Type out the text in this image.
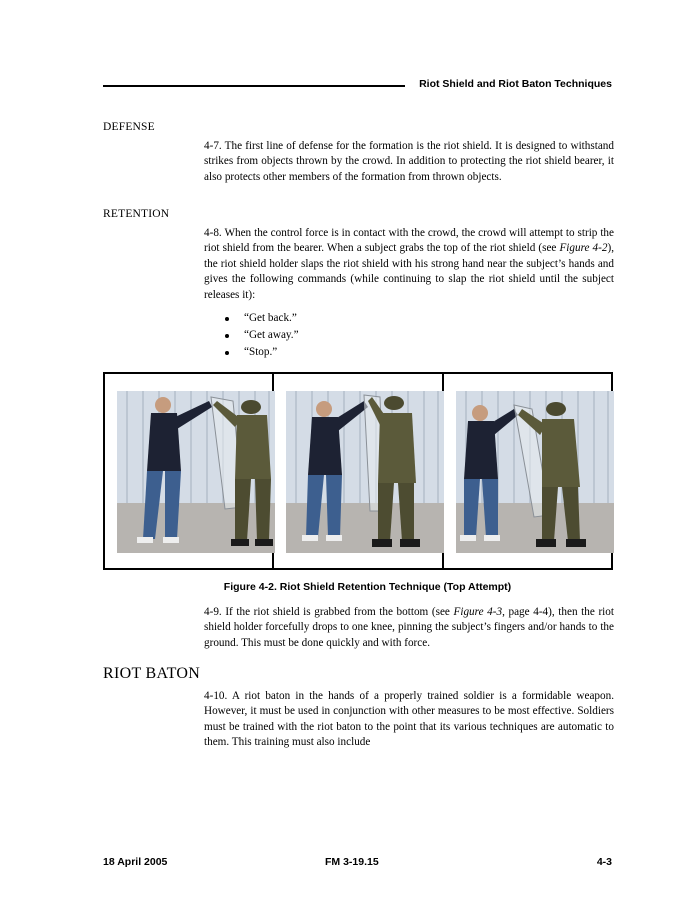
Riot Shield and Riot Baton Techniques
DEFENSE

4-7. The first line of defense for the formation is the riot shield. It is designed to withstand strikes from objects thrown by the crowd. In addition to protecting the riot shield bearer, it also protects other members of the formation from thrown objects.

RETENTION

4-8. When the control force is in contact with the crowd, the crowd will attempt to strip the riot shield from the bearer. When a subject grabs the top of the riot shield (see Figure 4-2), the riot shield holder slaps the riot shield with his strong hand near the subject’s hands and gives the following commands (while continuing to slap the riot shield until the subject releases it):

“Get back.”
“Get away.”
“Stop.”
Figure 4-2. Riot Shield Retention Technique (Top Attempt)

4-9. If the riot shield is grabbed from the bottom (see Figure 4-3, page 4-4), then the riot shield holder forcefully drops to one knee, pinning the subject’s fingers and/or hands to the ground. This must be done quickly and with force.

RIOT BATON

4-10. A riot baton in the hands of a properly trained soldier is a formidable weapon. However, it must be used in conjunction with other measures to be most effective. Soldiers must be trained with the riot baton to the point that its various techniques are automatic to them. This training must also include

18 April 2005	FM 3-19.15	4-3
